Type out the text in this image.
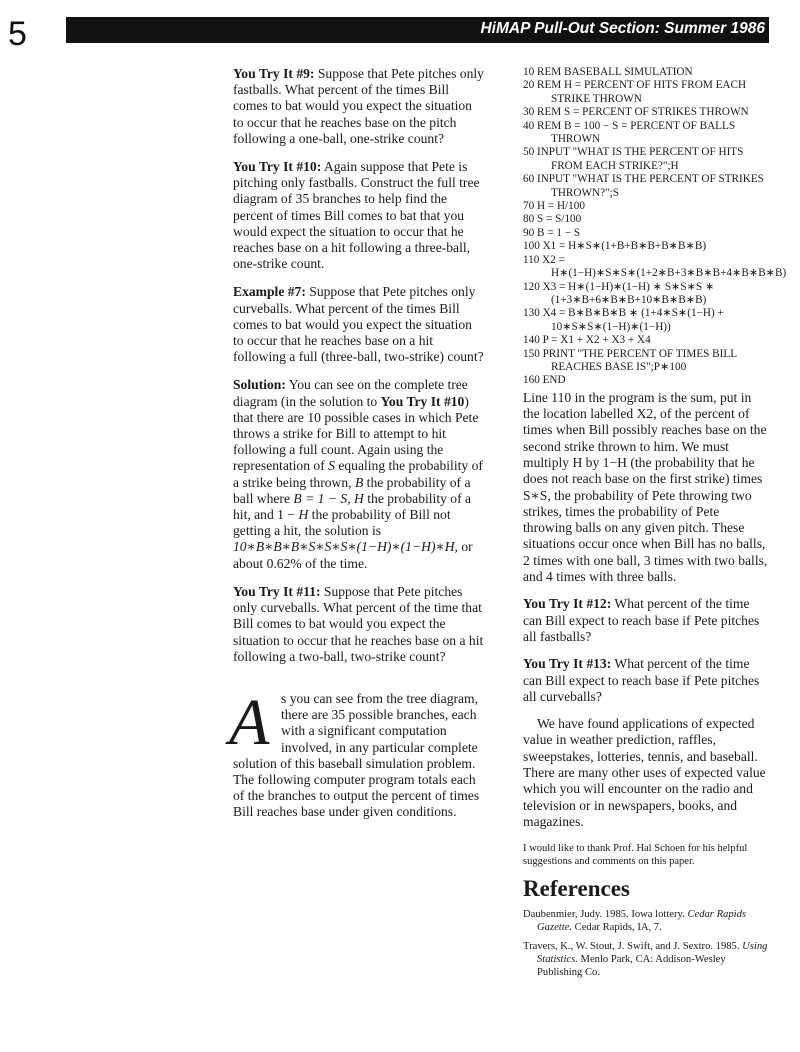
5	HiMAP Pull-Out Section: Summer 1986

You Try It #9: Suppose that Pete pitches only fastballs. What percent of the times Bill comes to bat would you expect the situation to occur that he reaches base on the pitch following a one-ball, one-strike count?

You Try It #10: Again suppose that Pete is pitching only fastballs. Construct the full tree diagram of 35 branches to help find the percent of times Bill comes to bat that you would expect the situation to occur that he reaches base on a hit following a three-ball, one-strike count.

Example #7: Suppose that Pete pitches only curveballs. What percent of the times Bill comes to bat would you expect the situation to occur that he reaches base on a hit following a full (three-ball, two-strike) count?

Solution: You can see on the complete tree diagram (in the solution to You Try It #10) that there are 10 possible cases in which Pete throws a strike for Bill to attempt to hit following a full count. Again using the representation of S equaling the probability of a strike being thrown, B the probability of a ball where B = 1 − S, H the probability of a hit, and 1 − H the probability of Bill not getting a hit, the solution is 10∗B∗B∗B∗S∗S∗S∗(1−H)∗(1−H)∗H, or about 0.62% of the time.

You Try It #11: Suppose that Pete pitches only curveballs. What percent of the time that Bill comes to bat would you expect the situation to occur that he reaches base on a hit following a two-ball, two-strike count?

A s you can see from the tree diagram, there are 35 possible branches, each with a significant computation involved, in any particular complete solution of this baseball simulation problem. The following computer program totals each of the branches to output the percent of times Bill reaches base under given conditions.

10 REM BASEBALL SIMULATION

20 REM H = PERCENT OF HITS FROM EACH STRIKE THROWN

30 REM S = PERCENT OF STRIKES THROWN

40 REM B = 100 − S = PERCENT OF BALLS THROWN

50 INPUT "WHAT IS THE PERCENT OF HITS FROM EACH STRIKE?";H

60 INPUT "WHAT IS THE PERCENT OF STRIKES THROWN?";S

70 H = H/100

80 S = S/100

90 B = 1 − S

100 X1 = H∗S∗(1+B+B∗B+B∗B∗B)

110 X2 = H∗(1−H)∗S∗S∗(1+2∗B+3∗B∗B+4∗B∗B∗B)

120 X3 = H∗(1−H)∗(1−H) ∗ S∗S∗S ∗ (1+3∗B+6∗B∗B+10∗B∗B∗B)

130 X4 = B∗B∗B∗B ∗ (1+4∗S∗(1−H) + 10∗S∗S∗(1−H)∗(1−H))

140 P = X1 + X2 + X3 + X4

150 PRINT "THE PERCENT OF TIMES BILL REACHES BASE IS";P∗100

160 END

Line 110 in the program is the sum, put in the location labelled X2, of the percent of times when Bill possibly reaches base on the second strike thrown to him. We must multiply H by 1−H (the probability that he does not reach base on the first strike) times S∗S, the probability of Pete throwing two strikes, times the probability of Pete throwing balls on any given pitch. These situations occur once when Bill has no balls, 2 times with one ball, 3 times with two balls, and 4 times with three balls.

You Try It #12: What percent of the time can Bill expect to reach base if Pete pitches all fastballs?

You Try It #13: What percent of the time can Bill expect to reach base if Pete pitches all curveballs?

We have found applications of expected value in weather prediction, raffles, sweepstakes, lotteries, tennis, and baseball. There are many other uses of expected value which you will encounter on the radio and television or in newspapers, books, and magazines.

I would like to thank Prof. Hal Schoen for his helpful suggestions and comments on this paper.

References

Daubenmier, Judy. 1985. Iowa lottery. Cedar Rapids Gazette. Cedar Rapids, IA, 7.

Travers, K., W. Stout, J. Swift, and J. Sextro. 1985. Using Statistics. Menlo Park, CA: Addison-Wesley Publishing Co.
